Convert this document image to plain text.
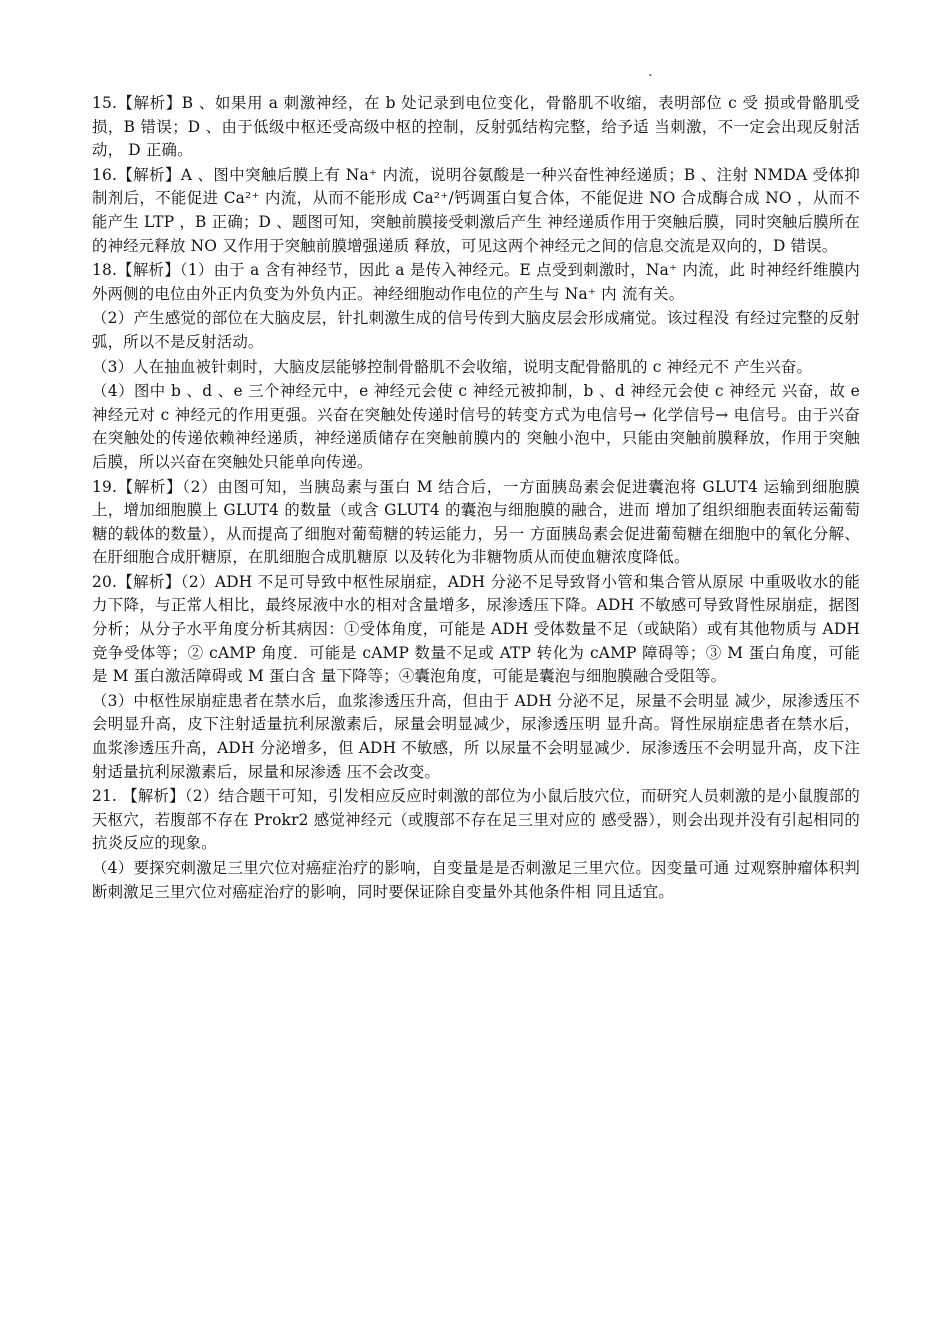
.

15.【解析】B 、如果用 a 刺激神经，在 b 处记录到电位变化，骨骼肌不收缩，表明部位 c 受 损或骨骼肌受损，B 错误；D 、由于低级中枢还受高级中枢的控制，反射弧结构完整，给予适 当刺激，不一定会出现反射活动， D 正确。

16.【解析】A 、图中突触后膜上有 Na⁺ 内流，说明谷氨酸是一种兴奋性神经递质；B 、注射 NMDA 受体抑制剂后，不能促进 Ca²⁺ 内流，从而不能形成 Ca²⁺/钙调蛋白复合体，不能促进 NO 合成酶合成 NO ，从而不能产生 LTP ，B 正确；D 、题图可知，突触前膜接受刺激后产生 神经递质作用于突触后膜，同时突触后膜所在的神经元释放 NO 又作用于突触前膜增强递质 释放，可见这两个神经元之间的信息交流是双向的，D 错误。

18.【解析】（1）由于 a 含有神经节，因此 a 是传入神经元。E 点受到刺激时，Na⁺ 内流，此 时神经纤维膜内外两侧的电位由外正内负变为外负内正。神经细胞动作电位的产生与 Na⁺ 内 流有关。

（2）产生感觉的部位在大脑皮层，针扎刺激生成的信号传到大脑皮层会形成痛觉。该过程没 有经过完整的反射弧，所以不是反射活动。

（3）人在抽血被针刺时，大脑皮层能够控制骨骼肌不会收缩，说明支配骨骼肌的 c 神经元不 产生兴奋。

（4）图中 b 、d 、e 三个神经元中，e 神经元会使 c 神经元被抑制，b 、d 神经元会使 c 神经元 兴奋，故 e 神经元对 c 神经元的作用更强。兴奋在突触处传递时信号的转变方式为电信号→ 化学信号→ 电信号。由于兴奋在突触处的传递依赖神经递质，神经递质储存在突触前膜内的 突触小泡中，只能由突触前膜释放，作用于突触后膜，所以兴奋在突触处只能单向传递。

19.【解析】（2）由图可知，当胰岛素与蛋白 M 结合后，一方面胰岛素会促进囊泡将 GLUT4 运输到细胞膜上，增加细胞膜上 GLUT4 的数量（或含 GLUT4 的囊泡与细胞膜的融合，进而 增加了组织细胞表面转运葡萄糖的载体的数量），从而提高了细胞对葡萄糖的转运能力，另一 方面胰岛素会促进葡萄糖在细胞中的氧化分解、在肝细胞合成肝糖原，在肌细胞合成肌糖原 以及转化为非糖物质从而使血糖浓度降低。

20.【解析】（2）ADH 不足可导致中枢性尿崩症，ADH 分泌不足导致肾小管和集合管从原尿 中重吸收水的能力下降，与正常人相比，最终尿液中水的相对含量增多，尿渗透压下降。ADH 不敏感可导致肾性尿崩症，据图分析；从分子水平角度分析其病因：①受体角度，可能是 ADH 受体数量不足（或缺陷）或有其他物质与 ADH 竞争受体等；② cAMP 角度．可能是 cAMP 数量不足或 ATP 转化为 cAMP 障碍等；③ M 蛋白角度，可能是 M 蛋白激活障碍或 M 蛋白含 量下降等；④囊泡角度，可能是囊泡与细胞膜融合受阻等。

（3）中枢性尿崩症患者在禁水后，血浆渗透压升高，但由于 ADH 分泌不足，尿量不会明显 减少，尿渗透压不会明显升高，皮下注射适量抗利尿激素后，尿量会明显减少，尿渗透压明 显升高。肾性尿崩症患者在禁水后，血浆渗透压升高，ADH 分泌增多，但 ADH 不敏感，所 以尿量不会明显减少．尿渗透压不会明显升高，皮下注射适量抗利尿激素后，尿量和尿渗透 压不会改变。

21. 【解析】（2）结合题干可知，引发相应反应时刺激的部位为小鼠后肢穴位，而研究人员刺激的是小鼠腹部的天枢穴，若腹部不存在 Prokr2 感觉神经元（或腹部不存在足三里对应的 感受器），则会出现并没有引起相同的抗炎反应的现象。

（4）要探究刺激足三里穴位对癌症治疗的影响，自变量是是否刺激足三里穴位。因变量可通 过观察肿瘤体积判断刺激足三里穴位对癌症治疗的影响，同时要保证除自变量外其他条件相 同且适宜。
